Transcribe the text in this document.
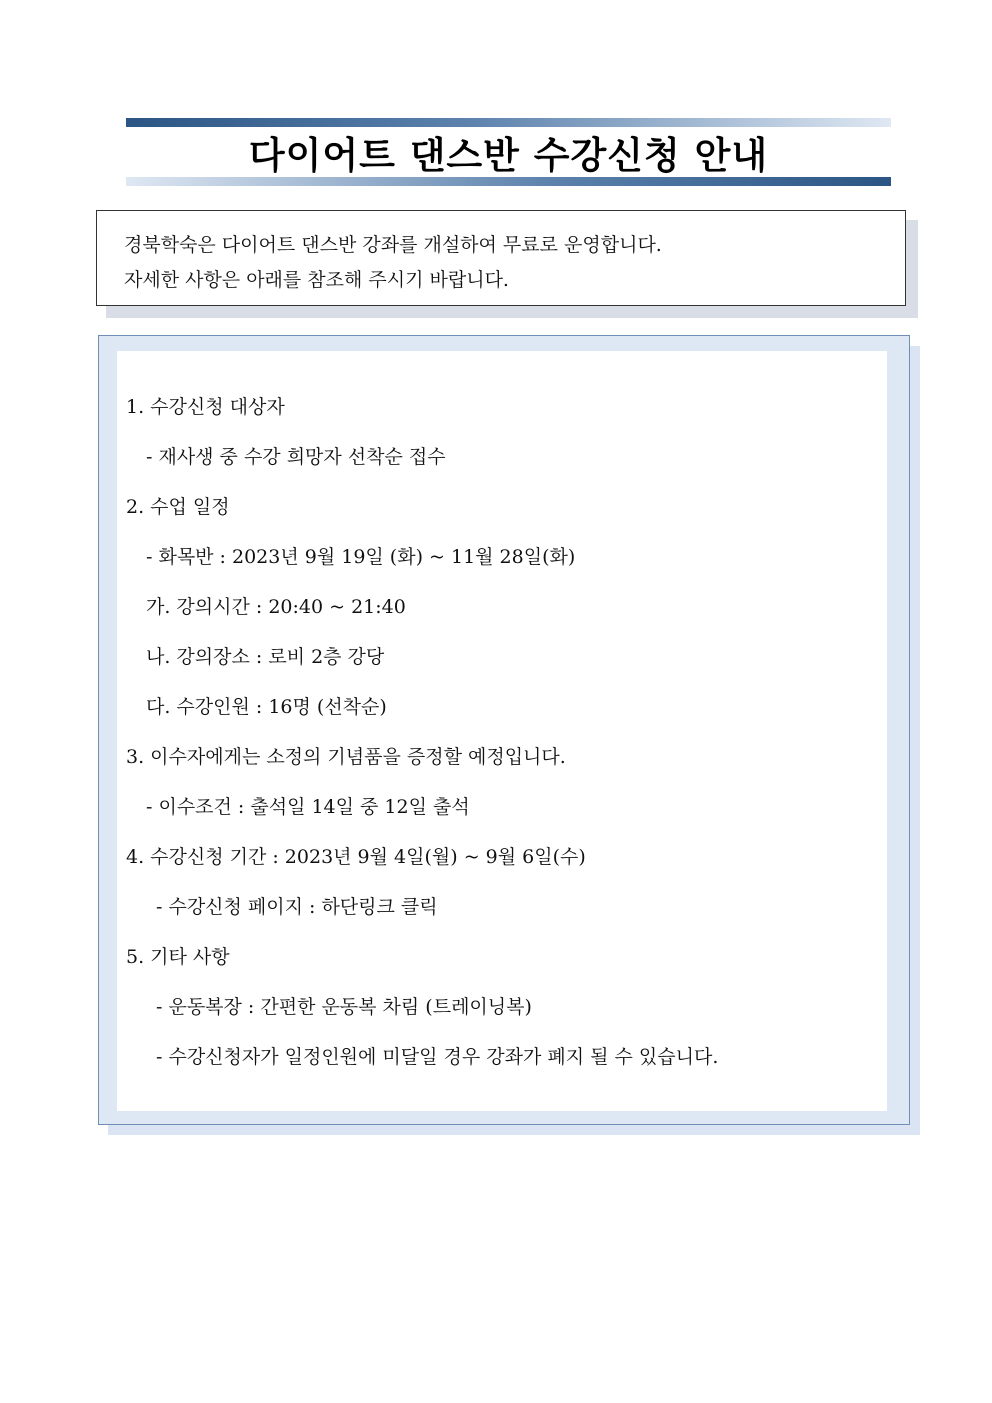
다이어트 댄스반 수강신청 안내
경북학숙은 다이어트 댄스반 강좌를 개설하여 무료로 운영합니다.
자세한 사항은 아래를 참조해 주시기 바랍니다.
1. 수강신청 대상자
- 재사생 중 수강 희망자 선착순 접수
2. 수업 일정
- 화목반 : 2023년 9월 19일 (화) ~ 11월 28일(화)
가. 강의시간 : 20:40 ~ 21:40
나. 강의장소 : 로비 2층 강당
다. 수강인원 : 16명 (선착순)
3. 이수자에게는 소정의 기념품을 증정할 예정입니다.
- 이수조건 : 출석일 14일 중 12일 출석
4. 수강신청 기간 : 2023년 9월 4일(월) ~ 9월 6일(수)
- 수강신청 페이지 : 하단링크 클릭
5. 기타 사항
- 운동복장 : 간편한 운동복 차림 (트레이닝복)
- 수강신청자가 일정인원에 미달일 경우 강좌가 폐지 될 수 있습니다.
